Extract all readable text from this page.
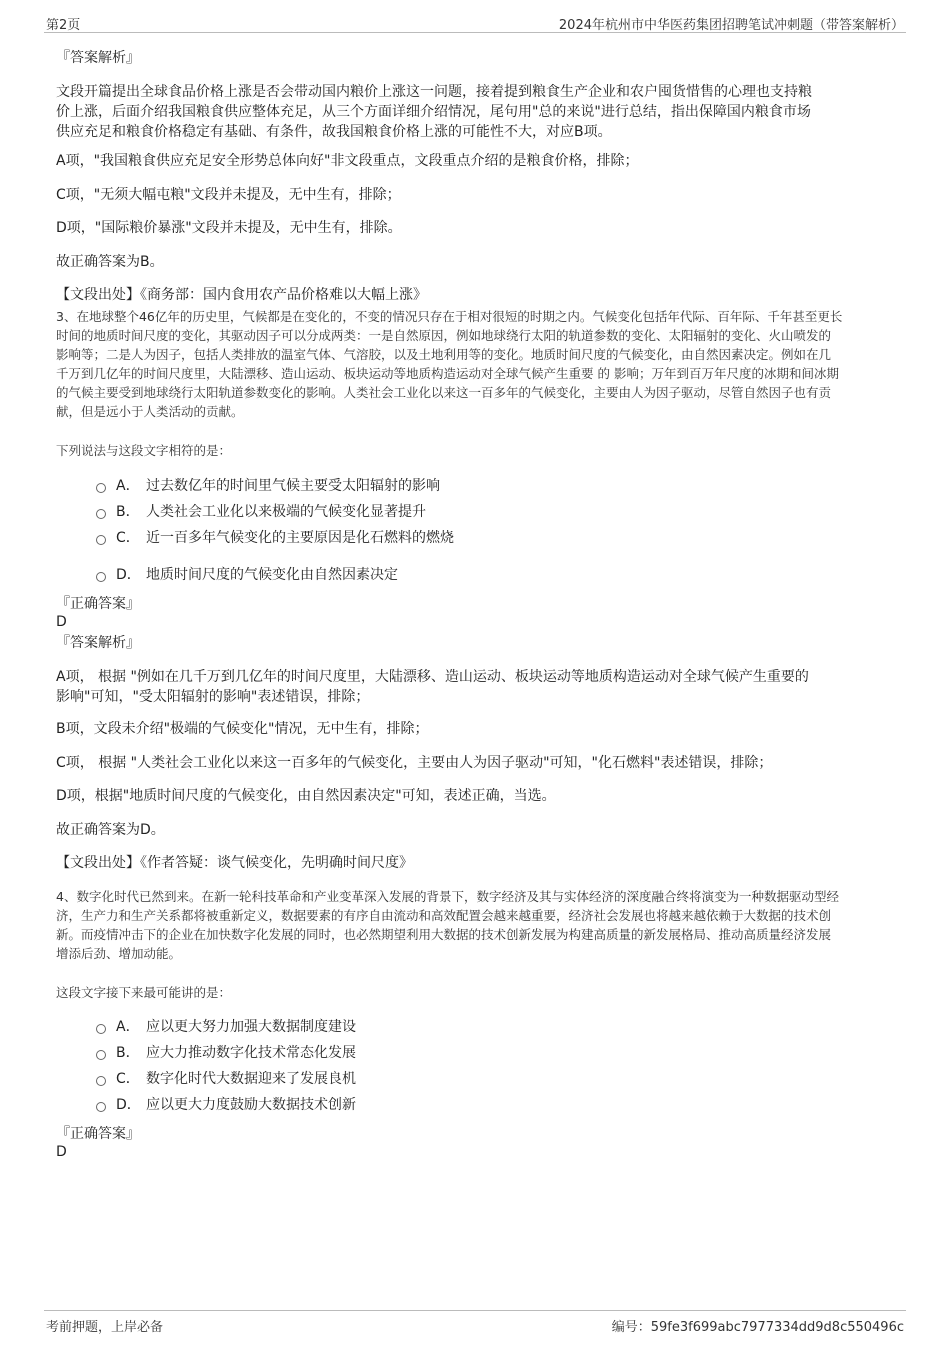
第2页	2024年杭州市中华医药集团招聘笔试冲刺题（带答案解析）

『答案解析』

文段开篇提出全球食品价格上涨是否会带动国内粮价上涨这一问题，接着提到粮食生产企业和农户囤货惜售的心理也支持粮

价上涨，后面介绍我国粮食供应整体充足，从三个方面详细介绍情况，尾句用"总的来说"进行总结，指出保障国内粮食市场

供应充足和粮食价格稳定有基础、有条件，故我国粮食价格上涨的可能性不大，对应B项。

A项，"我国粮食供应充足安全形势总体向好"非文段重点，文段重点介绍的是粮食价格，排除；

C项，"无须大幅屯粮"文段并未提及，无中生有，排除；

D项，"国际粮价暴涨"文段并未提及，无中生有，排除。

故正确答案为B。

【文段出处】《商务部：国内食用农产品价格难以大幅上涨》

3、在地球整个46亿年的历史里，气候都是在变化的，不变的情况只存在于相对很短的时期之内。气候变化包括年代际、百年际、千年甚至更长

时间的地质时间尺度的变化，其驱动因子可以分成两类：一是自然原因，例如地球绕行太阳的轨道参数的变化、太阳辐射的变化、火山喷发的

影响等；二是人为因子，包括人类排放的温室气体、气溶胶，以及土地利用等的变化。地质时间尺度的气候变化，由自然因素决定。例如在几

千万到几亿年的时间尺度里，大陆漂移、造山运动、板块运动等地质构造运动对全球气候产生重要 的 影响；万年到百万年尺度的冰期和间冰期

的气候主要受到地球绕行太阳轨道参数变化的影响。人类社会工业化以来这一百多年的气候变化，主要由人为因子驱动，尽管自然因子也有贡

献，但是远小于人类活动的贡献。

下列说法与这段文字相符的是：

A． 过去数亿年的时间里气候主要受太阳辐射的影响
B． 人类社会工业化以来极端的气候变化显著提升
C． 近一百多年气候变化的主要原因是化石燃料的燃烧
D． 地质时间尺度的气候变化由自然因素决定

『正确答案』

D

『答案解析』

A项， 根据 "例如在几千万到几亿年的时间尺度里，大陆漂移、造山运动、板块运动等地质构造运动对全球气候产生重要的

影响"可知，"受太阳辐射的影响"表述错误，排除；

B项，文段未介绍"极端的气候变化"情况，无中生有，排除；

C项， 根据 "人类社会工业化以来这一百多年的气候变化，主要由人为因子驱动"可知，"化石燃料"表述错误，排除；

D项，根据"地质时间尺度的气候变化，由自然因素决定"可知，表述正确，当选。

故正确答案为D。

【文段出处】《作者答疑：谈气候变化，先明确时间尺度》

4、数字化时代已然到来。在新一轮科技革命和产业变革深入发展的背景下，数字经济及其与实体经济的深度融合终将演变为一种数据驱动型经

济，生产力和生产关系都将被重新定义，数据要素的有序自由流动和高效配置会越来越重要，经济社会发展也将越来越依赖于大数据的技术创

新。而疫情冲击下的企业在加快数字化发展的同时，也必然期望利用大数据的技术创新发展为构建高质量的新发展格局、推动高质量经济发展

增添后劲、增加动能。

这段文字接下来最可能讲的是：

A． 应以更大努力加强大数据制度建设
B． 应大力推动数字化技术常态化发展
C． 数字化时代大数据迎来了发展良机
D． 应以更大力度鼓励大数据技术创新

『正确答案』

D

考前押题，上岸必备	编号：59fe3f699abc7977334dd9d8c550496c
